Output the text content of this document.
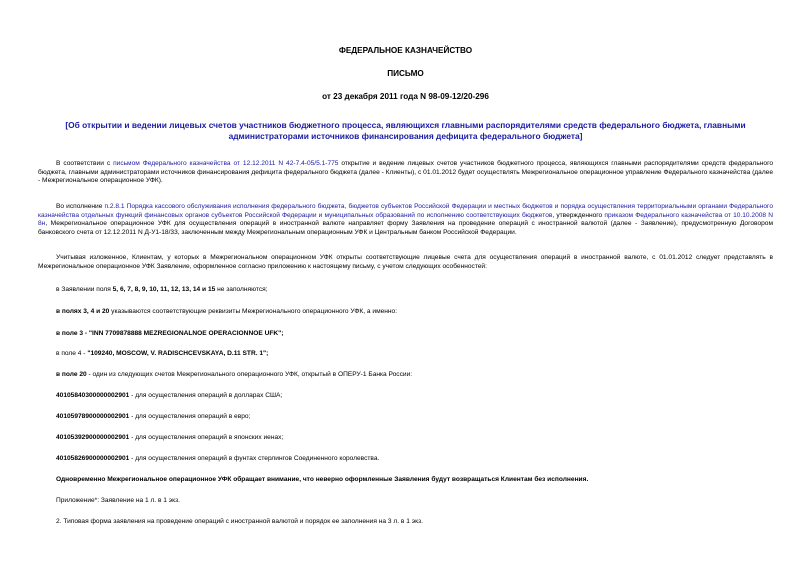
ФЕДЕРАЛЬНОЕ КАЗНАЧЕЙСТВО
ПИСЬМО
от 23 декабря 2011 года N 98-09-12/20-296
[Об открытии и ведении лицевых счетов участников бюджетного процесса, являющихся главными распорядителями средств федерального бюджета, главными администраторами источников финансирования дефицита федерального бюджета]
В соответствии с письмом Федерального казначейства от 12.12.2011 N 42-7.4-05/5.1-775 открытие и ведение лицевых счетов участников бюджетного процесса, являющихся главными распорядителями средств федерального бюджета, главными администраторами источников финансирования дефицита федерального бюджета (далее - Клиенты), с 01.01.2012 будет осуществлять Межрегиональное операционное управление Федерального казначейства (далее - Межрегиональное операционное УФК).
Во исполнение п.2.8.1 Порядка кассового обслуживания исполнения федерального бюджета, бюджетов субъектов Российской Федерации и местных бюджетов и порядка осуществления территориальными органами Федерального казначейства отдельных функций финансовых органов субъектов Российской Федерации и муниципальных образований по исполнению соответствующих бюджетов, утвержденного приказом Федерального казначейства от 10.10.2008 N 8н, Межрегиональное операционное УФК для осуществления операций в иностранной валюте направляет форму Заявления на проведение операций с иностранной валютой (далее - Заявление), предусмотренную Договором банковского счета от 12.12.2011 N Д-У1-18/33, заключенным между Межрегиональным операционным УФК и Центральным банком Российской Федерации.
Учитывая изложенное, Клиентам, у которых в Межрегиональном операционном УФК открыты соответствующие лицевые счета для осуществления операций в иностранной валюте, с 01.01.2012 следует представлять в Межрегиональное операционное УФК Заявление, оформленное согласно приложению к настоящему письму, с учетом следующих особенностей:
в Заявлении поля 5, 6, 7, 8, 9, 10, 11, 12, 13, 14 и 15 не заполняются;
в полях 3, 4 и 20 указываются соответствующие реквизиты Межрегионального операционного УФК, а именно:
в поле 3 - "INN 7709878888 MEZREGIONALNOE OPERACIONNOE UFK";
в поле 4 - "109240, MOSCOW, V. RADISCHCEVSKAYA, D.11 STR. 1";
в поле 20 - один из следующих счетов Межрегионального операционного УФК, открытый в ОПЕРУ-1 Банка России:
40105840300000002901 - для осуществления операций в долларах США;
40105978900000002901 - для осуществления операций в евро;
40105392900000002901 - для осуществления операций в японских иенах;
40105826900000002901 - для осуществления операций в фунтах стерлингов Соединенного королевства.
Одновременно Межрегиональное операционное УФК обращает внимание, что неверно оформленные Заявления будут возвращаться Клиентам без исполнения.
Приложение*: Заявление на 1 л. в 1 экз.
2. Типовая форма заявления на проведение операций с иностранной валютой и порядок ее заполнения на 3 л. в 1 экз.
